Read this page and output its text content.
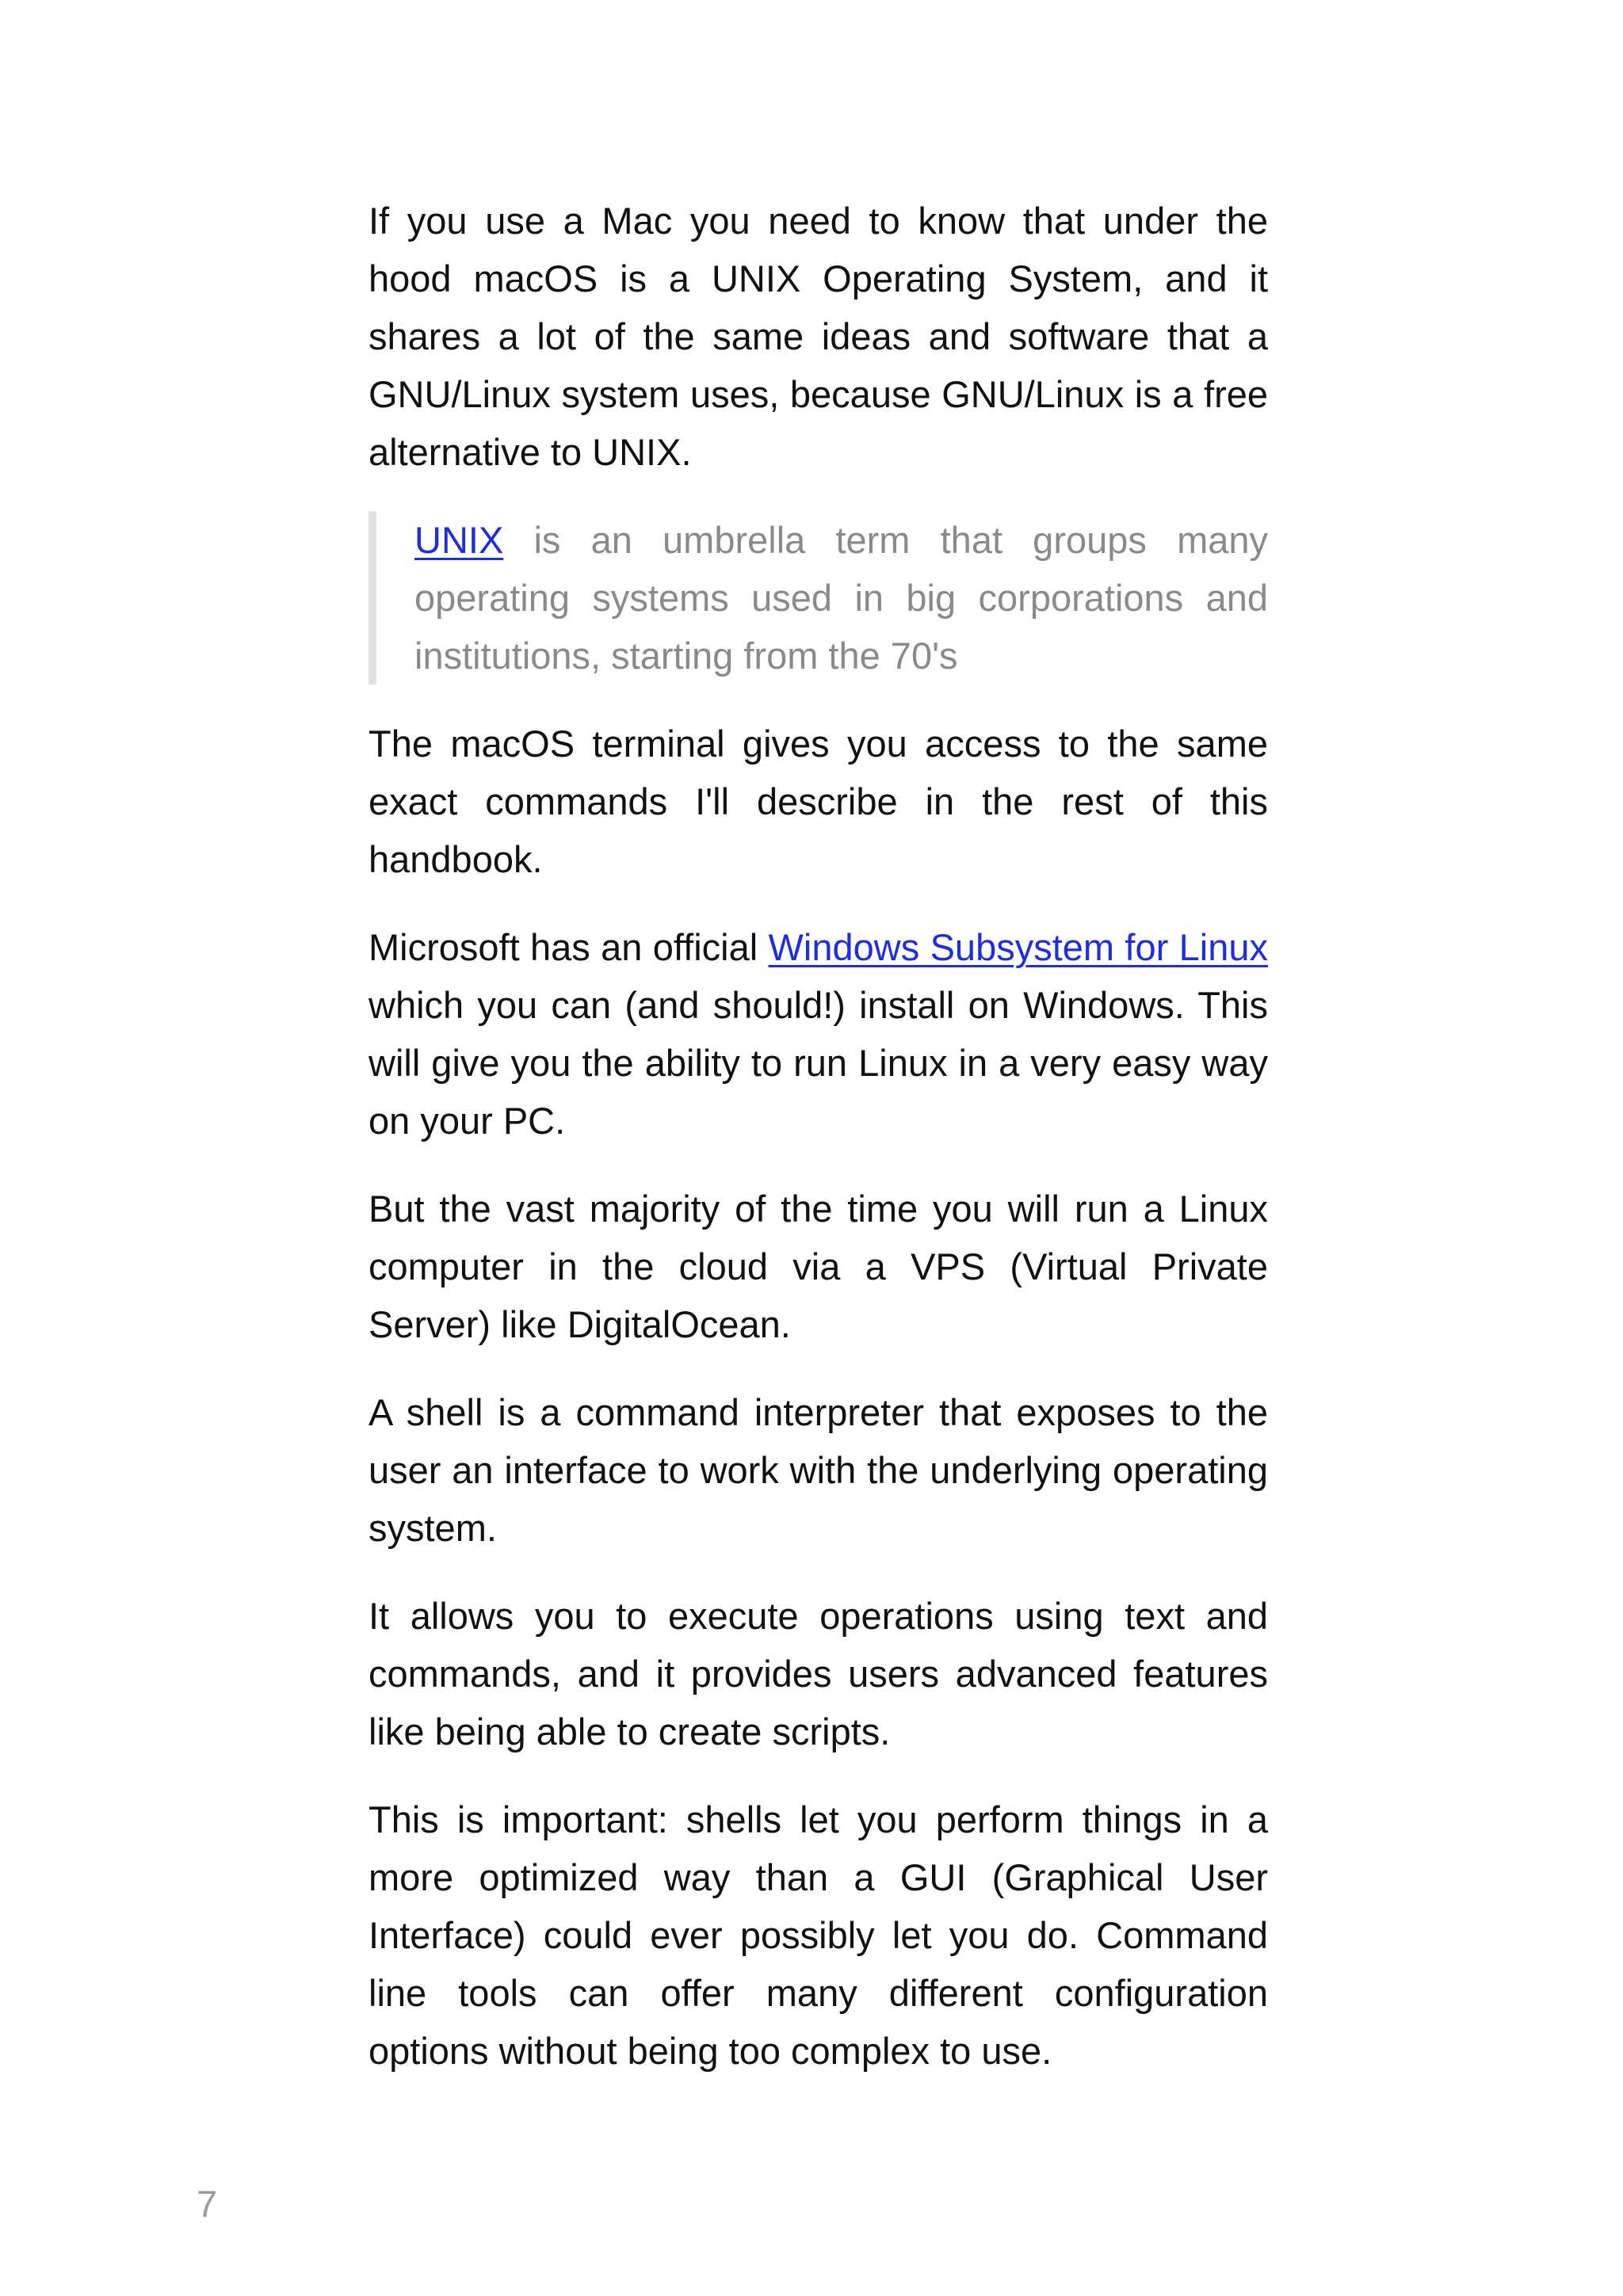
If you use a Mac you need to know that under the hood macOS is a UNIX Operating System, and it shares a lot of the same ideas and software that a GNU/Linux system uses, because GNU/Linux is a free alternative to UNIX.

UNIX is an umbrella term that groups many operating systems used in big corporations and institutions, starting from the 70's

The macOS terminal gives you access to the same exact commands I'll describe in the rest of this handbook.

Microsoft has an official Windows Subsystem for Linux which you can (and should!) install on Windows. This will give you the ability to run Linux in a very easy way on your PC.

But the vast majority of the time you will run a Linux computer in the cloud via a VPS (Virtual Private Server) like DigitalOcean.

A shell is a command interpreter that exposes to the user an interface to work with the underlying operating system.

It allows you to execute operations using text and commands, and it provides users advanced features like being able to create scripts.

This is important: shells let you perform things in a more optimized way than a GUI (Graphical User Interface) could ever possibly let you do. Command line tools can offer many different configuration options without being too complex to use.

7
